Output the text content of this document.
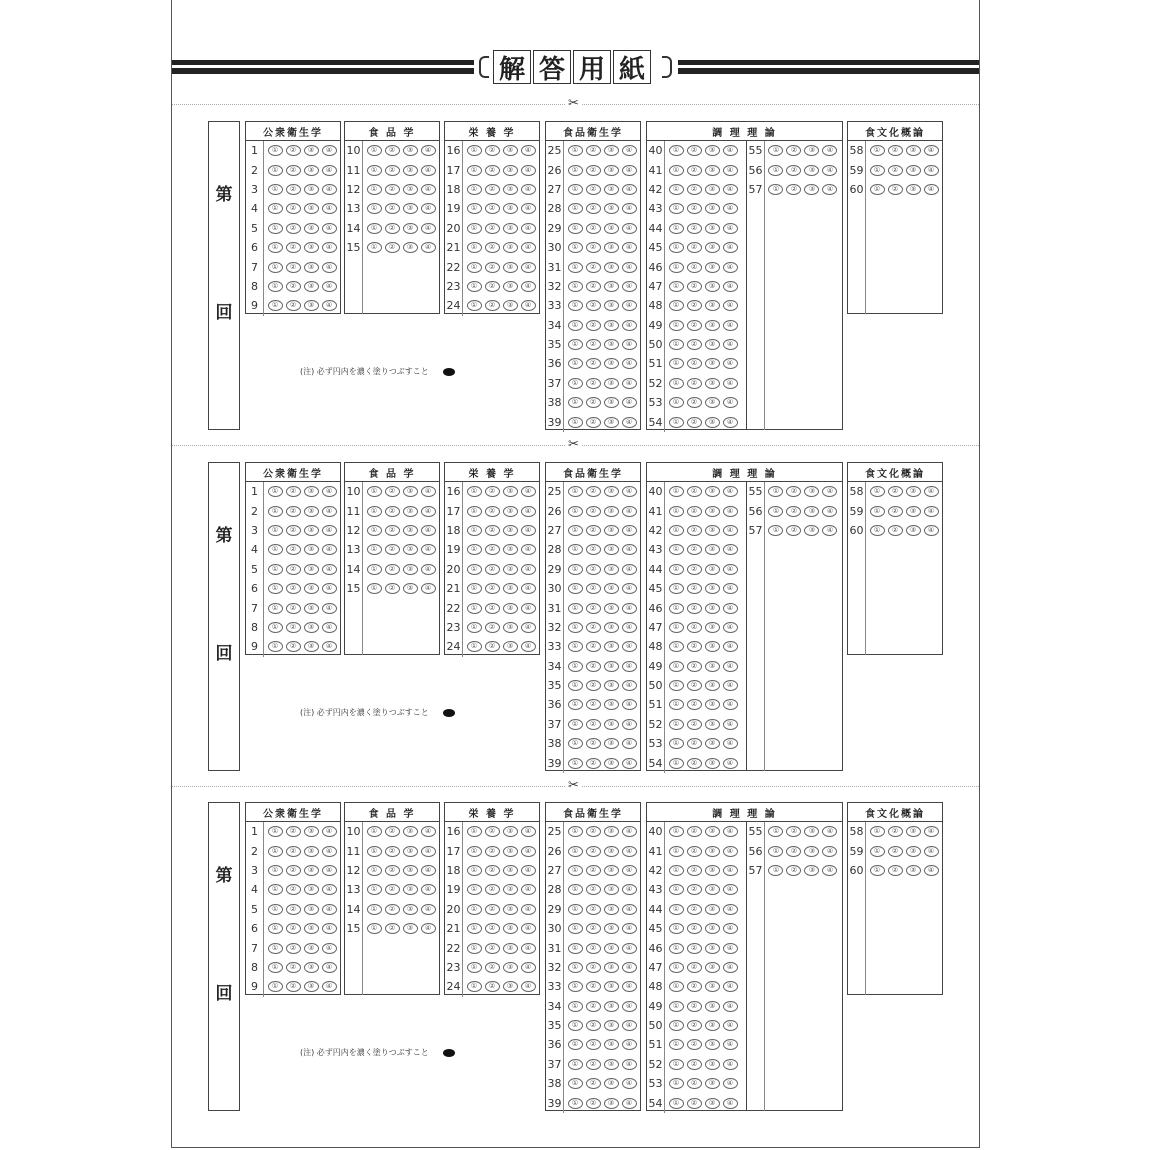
解 答 用 紙
✂
✂
✂
第
回
公衆衛生学
1	①	②	③	④
2	①	②	③	④
3	①	②	③	④
4	①	②	③	④
5	①	②	③	④
6	①	②	③	④
7	①	②	③	④
8	①	②	③	④
9	①	②	③	④
食 品 学
10	①	②	③	④
11	①	②	③	④
12	①	②	③	④
13	①	②	③	④
14	①	②	③	④
15	①	②	③	④
栄 養 学
16	①	②	③	④
17	①	②	③	④
18	①	②	③	④
19	①	②	③	④
20	①	②	③	④
21	①	②	③	④
22	①	②	③	④
23	①	②	③	④
24	①	②	③	④
食品衛生学
25	①	②	③	④
26	①	②	③	④
27	①	②	③	④
28	①	②	③	④
29	①	②	③	④
30	①	②	③	④
31	①	②	③	④
32	①	②	③	④
33	①	②	③	④
34	①	②	③	④
35	①	②	③	④
36	①	②	③	④
37	①	②	③	④
38	①	②	③	④
39	①	②	③	④
調 理 理 論
40	①	②	③	④
41	①	②	③	④
42	①	②	③	④
43	①	②	③	④
44	①	②	③	④
45	①	②	③	④
46	①	②	③	④
47	①	②	③	④
48	①	②	③	④
49	①	②	③	④
50	①	②	③	④
51	①	②	③	④
52	①	②	③	④
53	①	②	③	④
54	①	②	③	④
55	①	②	③	④
56	①	②	③	④
57	①	②	③	④
食文化概論
58	①	②	③	④
59	①	②	③	④
60	①	②	③	④
(注) 必ず円内を濃く塗りつぶすこと
第
回
公衆衛生学
1	①	②	③	④
2	①	②	③	④
3	①	②	③	④
4	①	②	③	④
5	①	②	③	④
6	①	②	③	④
7	①	②	③	④
8	①	②	③	④
9	①	②	③	④
食 品 学
10	①	②	③	④
11	①	②	③	④
12	①	②	③	④
13	①	②	③	④
14	①	②	③	④
15	①	②	③	④
栄 養 学
16	①	②	③	④
17	①	②	③	④
18	①	②	③	④
19	①	②	③	④
20	①	②	③	④
21	①	②	③	④
22	①	②	③	④
23	①	②	③	④
24	①	②	③	④
食品衛生学
25	①	②	③	④
26	①	②	③	④
27	①	②	③	④
28	①	②	③	④
29	①	②	③	④
30	①	②	③	④
31	①	②	③	④
32	①	②	③	④
33	①	②	③	④
34	①	②	③	④
35	①	②	③	④
36	①	②	③	④
37	①	②	③	④
38	①	②	③	④
39	①	②	③	④
調 理 理 論
40	①	②	③	④
41	①	②	③	④
42	①	②	③	④
43	①	②	③	④
44	①	②	③	④
45	①	②	③	④
46	①	②	③	④
47	①	②	③	④
48	①	②	③	④
49	①	②	③	④
50	①	②	③	④
51	①	②	③	④
52	①	②	③	④
53	①	②	③	④
54	①	②	③	④
55	①	②	③	④
56	①	②	③	④
57	①	②	③	④
食文化概論
58	①	②	③	④
59	①	②	③	④
60	①	②	③	④
(注) 必ず円内を濃く塗りつぶすこと
第
回
公衆衛生学
1	①	②	③	④
2	①	②	③	④
3	①	②	③	④
4	①	②	③	④
5	①	②	③	④
6	①	②	③	④
7	①	②	③	④
8	①	②	③	④
9	①	②	③	④
食 品 学
10	①	②	③	④
11	①	②	③	④
12	①	②	③	④
13	①	②	③	④
14	①	②	③	④
15	①	②	③	④
栄 養 学
16	①	②	③	④
17	①	②	③	④
18	①	②	③	④
19	①	②	③	④
20	①	②	③	④
21	①	②	③	④
22	①	②	③	④
23	①	②	③	④
24	①	②	③	④
食品衛生学
25	①	②	③	④
26	①	②	③	④
27	①	②	③	④
28	①	②	③	④
29	①	②	③	④
30	①	②	③	④
31	①	②	③	④
32	①	②	③	④
33	①	②	③	④
34	①	②	③	④
35	①	②	③	④
36	①	②	③	④
37	①	②	③	④
38	①	②	③	④
39	①	②	③	④
調 理 理 論
40	①	②	③	④
41	①	②	③	④
42	①	②	③	④
43	①	②	③	④
44	①	②	③	④
45	①	②	③	④
46	①	②	③	④
47	①	②	③	④
48	①	②	③	④
49	①	②	③	④
50	①	②	③	④
51	①	②	③	④
52	①	②	③	④
53	①	②	③	④
54	①	②	③	④
55	①	②	③	④
56	①	②	③	④
57	①	②	③	④
食文化概論
58	①	②	③	④
59	①	②	③	④
60	①	②	③	④
(注) 必ず円内を濃く塗りつぶすこと
